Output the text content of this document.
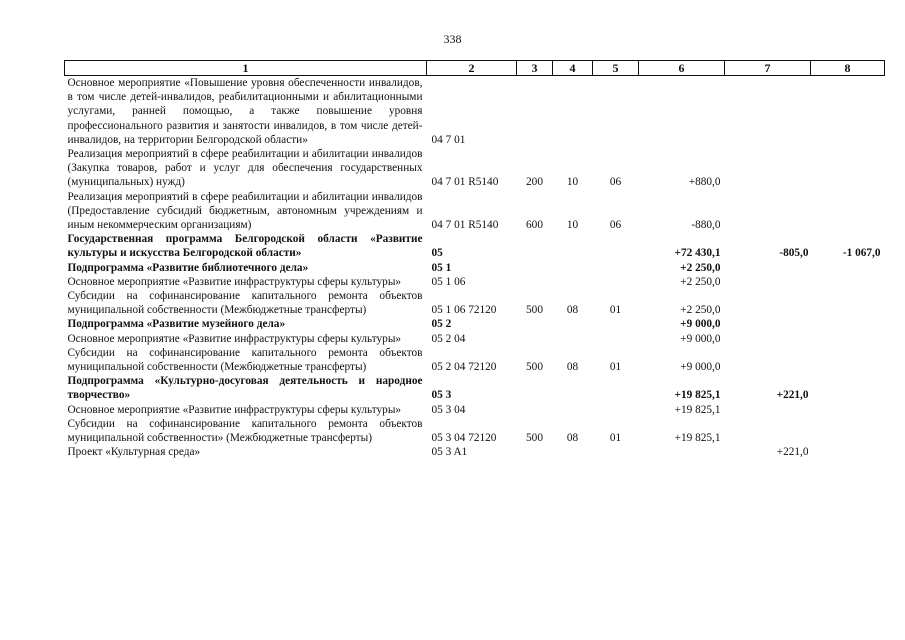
338
1	2	3	4	5	6	7	8
Основное мероприятие «Повышение уровня обеспеченности инвалидов, в том числе детей-инвалидов, реабилитационными и абилитационными услугами, ранней помощью, а также повышение уровня профессионального развития и занятости инвалидов, в том числе детей-инвалидов, на территории Белгородской области»	04 7 01						
Реализация мероприятий в сфере реабилитации и абилитации инвалидов (Закупка товаров, работ и услуг для обеспечения государственных (муниципальных) нужд)	04 7 01 R5140	200	10	06	+880,0		
Реализация мероприятий в сфере реабилитации и абилитации инвалидов (Предоставление субсидий бюджетным, автономным учреждениям и иным некоммерческим организациям)	04 7 01 R5140	600	10	06	-880,0		
Государственная программа Белгородской области «Развитие культуры и искусства Белгородской области»	05				+72 430,1	-805,0	-1 067,0
Подпрограмма «Развитие библиотечного дела»	05 1				+2 250,0		
Основное мероприятие «Развитие инфраструктуры сферы культуры»	05 1 06				+2 250,0		
Субсидии на софинансирование капитального ремонта объектов муниципальной собственности (Межбюджетные трансферты)	05 1 06 72120	500	08	01	+2 250,0		
Подпрограмма «Развитие музейного дела»	05 2				+9 000,0		
Основное мероприятие «Развитие инфраструктуры сферы культуры»	05 2 04				+9 000,0		
Субсидии на софинансирование капитального ремонта объектов муниципальной собственности (Межбюджетные трансферты)	05 2 04 72120	500	08	01	+9 000,0		
Подпрограмма «Культурно-досуговая деятельность и народное творчество»	05 3				+19 825,1	+221,0	
Основное мероприятие «Развитие инфраструктуры сферы культуры»	05 3 04				+19 825,1		
Субсидии на софинансирование капитального ремонта объектов муниципальной собственности» (Межбюджетные трансферты)	05 3 04 72120	500	08	01	+19 825,1		
Проект «Культурная среда»	05 3 A1					+221,0	
